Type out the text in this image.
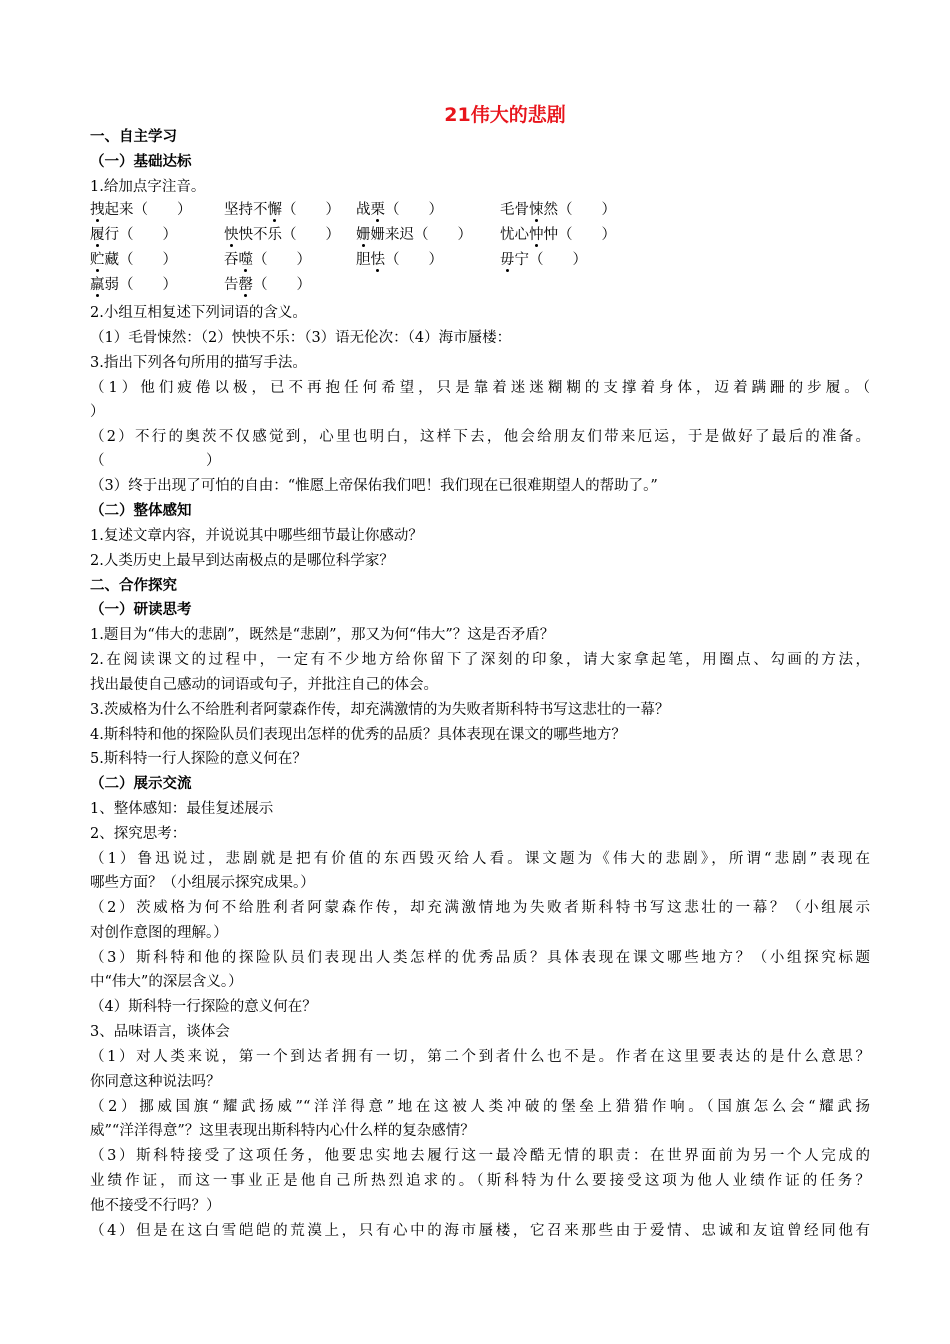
21伟大的悲剧
一、自主学习
（一）基础达标
1.给加点字注音。
拽起来（　　） 坚持不懈（　　） 战栗（　　）	毛骨悚然（　　）
履行（　　）	怏怏不乐（　　） 姗姗来迟（　　） 忧心忡忡（　　）
贮藏（　　）	吞噬（　　）	胆怯（　　）	毋宁（　　）
羸弱（　　）	告罄（　　）
2.小组互相复述下列词语的含义。
（1）毛骨悚然：（2）怏怏不乐：（3）语无伦次：（4）海市蜃楼：
3.指出下列各句所用的描写手法。
（1）他们疲倦以极，已不再抱任何希望，只是靠着迷迷糊糊的支撑着身体，迈着蹒跚的步履。（
）
（2）不行的奥茨不仅感觉到，心里也明白，这样下去，他会给朋友们带来厄运，于是做好了最后的准备。
（　　　　　　　）
（3）终于出现了可怕的自由：“惟愿上帝保佑我们吧！我们现在已很难期望人的帮助了。”
（二）整体感知
1.复述文章内容，并说说其中哪些细节最让你感动？
2.人类历史上最早到达南极点的是哪位科学家？
二、合作探究
（一）研读思考
1.题目为“伟大的悲剧”，既然是“悲剧”，那又为何“伟大”？这是否矛盾？
2.在阅读课文的过程中，一定有不少地方给你留下了深刻的印象，请大家拿起笔，用圈点、勾画的方法，
找出最使自己感动的词语或句子，并批注自己的体会。
3.茨威格为什么不给胜利者阿蒙森作传，却充满激情的为失败者斯科特书写这悲壮的一幕？
4.斯科特和他的探险队员们表现出怎样的优秀的品质？具体表现在课文的哪些地方？
5.斯科特一行人探险的意义何在？
（二）展示交流
1、整体感知：最佳复述展示
2、探究思考：
（1）鲁迅说过，悲剧就是把有价值的东西毁灭给人看。课文题为《伟大的悲剧》，所谓“悲剧”表现在
哪些方面？（小组展示探究成果。）
（2）茨威格为何不给胜利者阿蒙森作传，却充满激情地为失败者斯科特书写这悲壮的一幕？（小组展示
对创作意图的理解。）
（3）斯科特和他的探险队员们表现出人类怎样的优秀品质？具体表现在课文哪些地方？（小组探究标题
中“伟大”的深层含义。）
（4）斯科特一行探险的意义何在？
3、品味语言，谈体会
（1）对人类来说，第一个到达者拥有一切，第二个到者什么也不是。作者在这里要表达的是什么意思？
你同意这种说法吗？
（2）挪威国旗“耀武扬威”“洋洋得意”地在这被人类冲破的堡垒上猎猎作响。（国旗怎么会“耀武扬
威”“洋洋得意”？这里表现出斯科特内心什么样的复杂感情？
（3）斯科特接受了这项任务，他要忠实地去履行这一最冷酷无情的职责：在世界面前为另一个人完成的
业绩作证，而这一事业正是他自己所热烈追求的。（斯科特为什么要接受这项为他人业绩作证的任务？
他不接受不行吗？）
（4）但是在这白雪皑皑的荒漠上，只有心中的海市蜃楼，它召来那些由于爱情、忠诚和友谊曾经同他有
